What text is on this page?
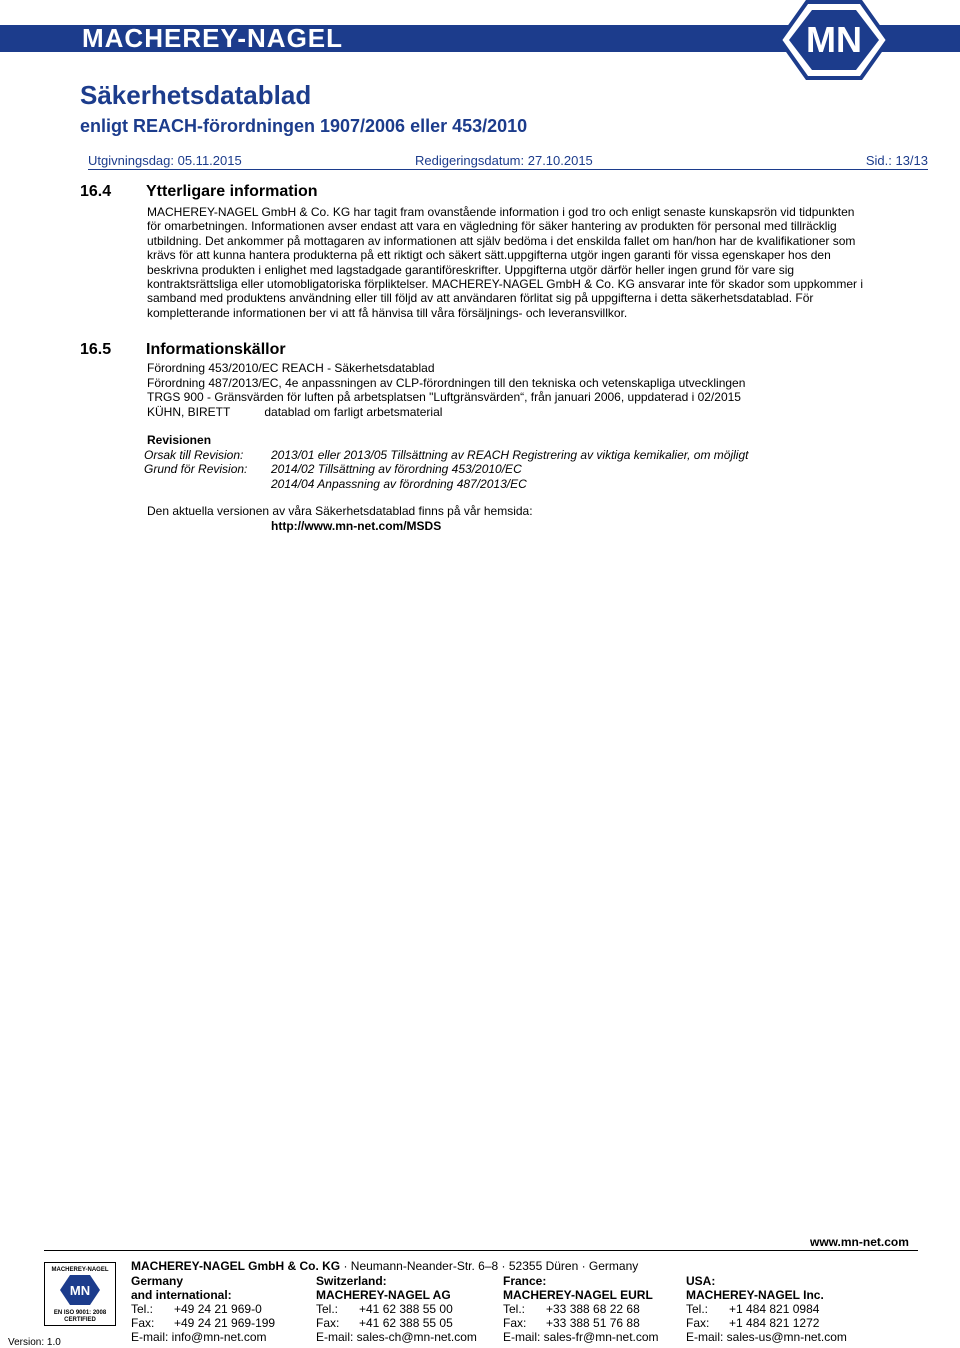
MACHEREY-NAGEL	MN
Säkerhetsdatablad
enligt REACH-förordningen 1907/2006 eller 453/2010
Utgivningsdag: 05.11.2015	Redigeringsdatum: 27.10.2015	Sid.: 13/13
16.4 Ytterligare information

MACHEREY-NAGEL GmbH & Co. KG har tagit fram ovanstående information i god tro och enligt senaste kunskapsrön vid tidpunkten

för omarbetningen. Informationen avser endast att vara en vägledning för säker hantering av produkten för personal med tillräcklig

utbildning. Det ankommer på mottagaren av informationen att själv bedöma i det enskilda fallet om han/hon har de kvalifikationer som

krävs för att kunna hantera produkterna på ett riktigt och säkert sätt.uppgifterna utgör ingen garanti för vissa egenskaper hos den

beskrivna produkten i enlighet med lagstadgade garantiföreskrifter. Uppgifterna utgör därför heller ingen grund för vare sig

kontraktsrättsliga eller utomobligatoriska förpliktelser. MACHEREY-NAGEL GmbH & Co. KG ansvarar inte för skador som uppkommer i

samband med produktens användning eller till följd av att användaren förlitat sig på uppgifterna i detta säkerhetsdatablad. För

kompletterande informationen ber vi att få hänvisa till våra försäljnings- och leveransvillkor.

16.5 Informationskällor
Förordning 453/2010/EC REACH - Säkerhetsdatablad
Förordning 487/2013/EC, 4e anpassningen av CLP-förordningen till den tekniska och vetenskapliga utvecklingen
TRGS 900 - Gränsvärden för luften på arbetsplatsen "Luftgränsvärden“, från januari 2006, uppdaterad i 02/2015
KÜHN, BIRETT	datablad om farligt arbetsmaterial
Revisionen
Orsak till Revision: 2013/01 eller 2013/05 Tillsättning av REACH Registrering av viktiga kemikalier, om möjligt
Grund för Revision: 2014/02 Tillsättning av förordning 453/2010/EC
2014/04 Anpassning av förordning 487/2013/EC
Den aktuella versionen av våra Säkerhetsdatablad finns på vår hemsida:
http://www.mn-net.com/MSDS
www.mn-net.com
MACHEREY-NAGEL
MN
EN ISO 9001: 2008
CERTIFIED
Version: 1.0
MACHEREY-NAGEL GmbH & Co. KG · Neumann-Neander-Str. 6–8 · 52355 Düren · Germany
Germany
and international:
Tel.: +49 24 21 969-0
Fax: +49 24 21 969-199
E-mail: info@mn-net.com
Switzerland:
MACHEREY-NAGEL AG
Tel.: +41 62 388 55 00
Fax: +41 62 388 55 05
E-mail: sales-ch@mn-net.com
France:
MACHEREY-NAGEL EURL
Tel.: +33 388 68 22 68
Fax: +33 388 51 76 88
E-mail: sales-fr@mn-net.com
USA:
MACHEREY-NAGEL Inc.
Tel.: +1 484 821 0984
Fax: +1 484 821 1272
E-mail: sales-us@mn-net.com
